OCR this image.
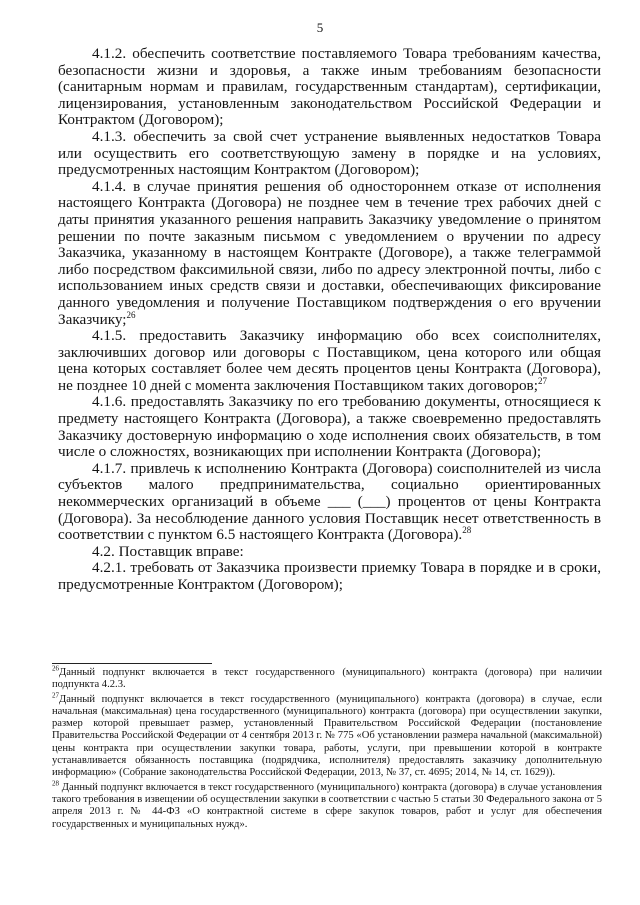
5

4.1.2. обеспечить соответствие поставляемого Товара требованиям качества, безопасности жизни и здоровья, а также иным требованиям безопасности (санитарным нормам и правилам, государственным стандартам), сертификации, лицензирования, установленным законодательством Российской Федерации и Контрактом (Договором);

4.1.3. обеспечить за свой счет устранение выявленных недостатков Товара или осуществить его соответствующую замену в порядке и на условиях, предусмотренных настоящим Контрактом (Договором);

4.1.4. в случае принятия решения об одностороннем отказе от исполнения настоящего Контракта (Договора) не позднее чем в течение трех рабочих дней с даты принятия указанного решения направить Заказчику уведомление о принятом решении по почте заказным письмом с уведомлением о вручении по адресу Заказчика, указанному в настоящем Контракте (Договоре), а также телеграммой либо посредством факсимильной связи, либо по адресу электронной почты, либо с использованием иных средств связи и доставки, обеспечивающих фиксирование данного уведомления и получение Поставщиком подтверждения о его вручении Заказчику;$^{26}$

4.1.5. предоставить Заказчику информацию обо всех соисполнителях, заключивших договор или договоры с Поставщиком, цена которого или общая цена которых составляет более чем десять процентов цены Контракта (Договора), не позднее 10 дней с момента заключения Поставщиком таких договоров;$^{27}$

4.1.6. предоставлять Заказчику по его требованию документы, относящиеся к предмету настоящего Контракта (Договора), а также своевременно предоставлять Заказчику достоверную информацию о ходе исполнения своих обязательств, в том числе о сложностях, возникающих при исполнении Контракта (Договора);

4.1.7. привлечь к исполнению Контракта (Договора) соисполнителей из числа субъектов малого предпринимательства, социально ориентированных некоммерческих организаций в объеме ___ (___) процентов от цены Контракта (Договора). За несоблюдение данного условия Поставщик несет ответственность в соответствии с пунктом 6.5 настоящего Контракта (Договора).$^{28}$

4.2. Поставщик вправе:

4.2.1. требовать от Заказчика произвести приемку Товара в порядке и в сроки, предусмотренные Контрактом (Договором);

$^{26}$Данный подпункт включается в текст государственного (муниципального) контракта (договора) при наличии подпункта 4.2.3.

$^{27}$Данный подпункт включается в текст государственного (муниципального) контракта (договора) в случае, если начальная (максимальная) цена государственного (муниципального) контракта (договора) при осуществлении закупки, размер которой превышает размер, установленный Правительством Российской Федерации (постановление Правительства Российской Федерации от 4 сентября 2013 г. № 775 «Об установлении размера начальной (максимальной) цены контракта при осуществлении закупки товара, работы, услуги, при превышении которой в контракте устанавливается обязанность поставщика (подрядчика, исполнителя) предоставлять заказчику дополнительную информацию» (Собрание законодательства Российской Федерации, 2013, № 37, ст. 4695; 2014, № 14, ст. 1629)).

$^{28}$ Данный подпункт включается в текст государственного (муниципального) контракта (договора) в случае установления такого требования в извещении об осуществлении закупки в соответствии с частью 5 статьи 30 Федерального закона от 5 апреля 2013 г. № 44-ФЗ «О контрактной системе в сфере закупок товаров, работ и услуг для обеспечения государственных и муниципальных нужд».
